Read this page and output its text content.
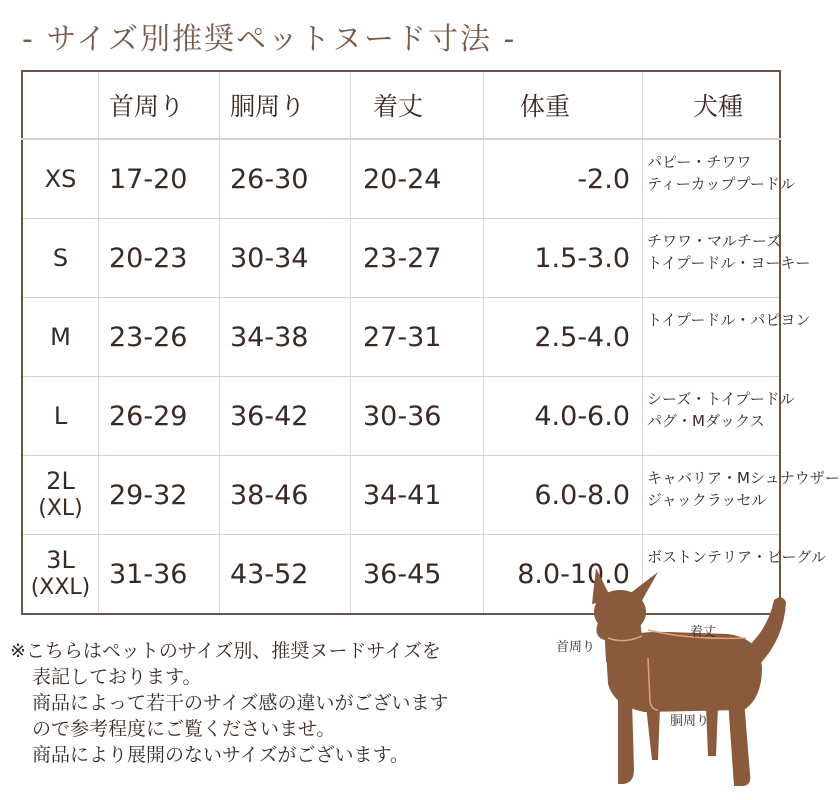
- サイズ別推奨ペットヌード寸法 -
	首周り	胴周り	着丈	体重	犬種
XS	17-20	26-30	20-24	-2.0	パピー・チワワ
ティーカッププードル

S	20-23	30-34	23-27	1.5-3.0	チワワ・マルチーズ
トイプードル・ヨーキー

M	23-26	34-38	27-31	2.5-4.0	トイプードル・パピヨン

L	26-29	36-42	30-36	4.0-6.0	シーズ・トイプードル
パグ・Mダックス

2L
(XL)	29-32	38-46	34-41	6.0-8.0	キャバリア・Mシュナウザー
ジャックラッセル

3L
(XXL)	31-36	43-52	36-45	8.0-10.0	ボストンテリア・ビーグル
※こちらはペットのサイズ別、推奨ヌードサイズを
表記しております。
商品によって若干のサイズ感の違いがございます
ので参考程度にご覧くださいませ。
商品により展開のないサイズがございます。
首周り
着丈
胴周り
